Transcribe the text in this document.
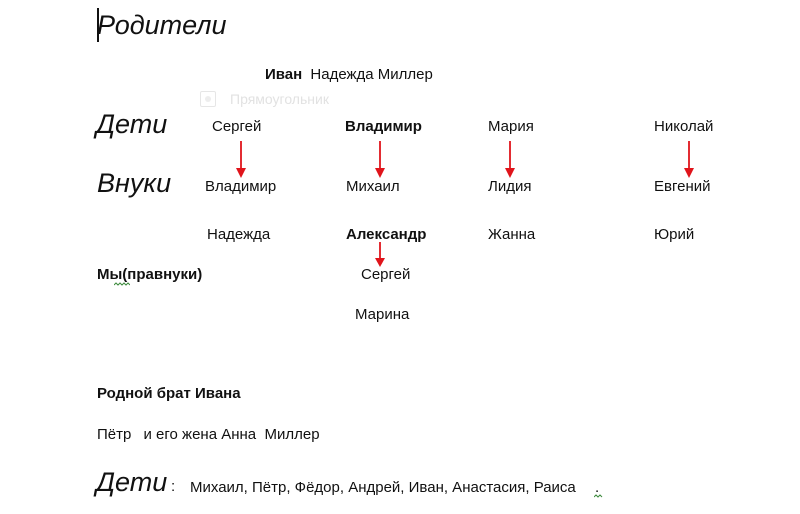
Родители
Иван Надежда Миллер
Прямоугольник
Дети	Сергей	Владимир	Мария	Николай
Внуки Владимир	Михаил	Лидия	Евгений
Надежда	Александр	Жанна	Юрий
Мы(правнуки)	Сергей
Марина
Родной брат Ивана
Пётр и его жена Анна  Миллер
Дети : Михаил, Пётр, Фёдор, Андрей, Иван, Анастасия, Раиса .
